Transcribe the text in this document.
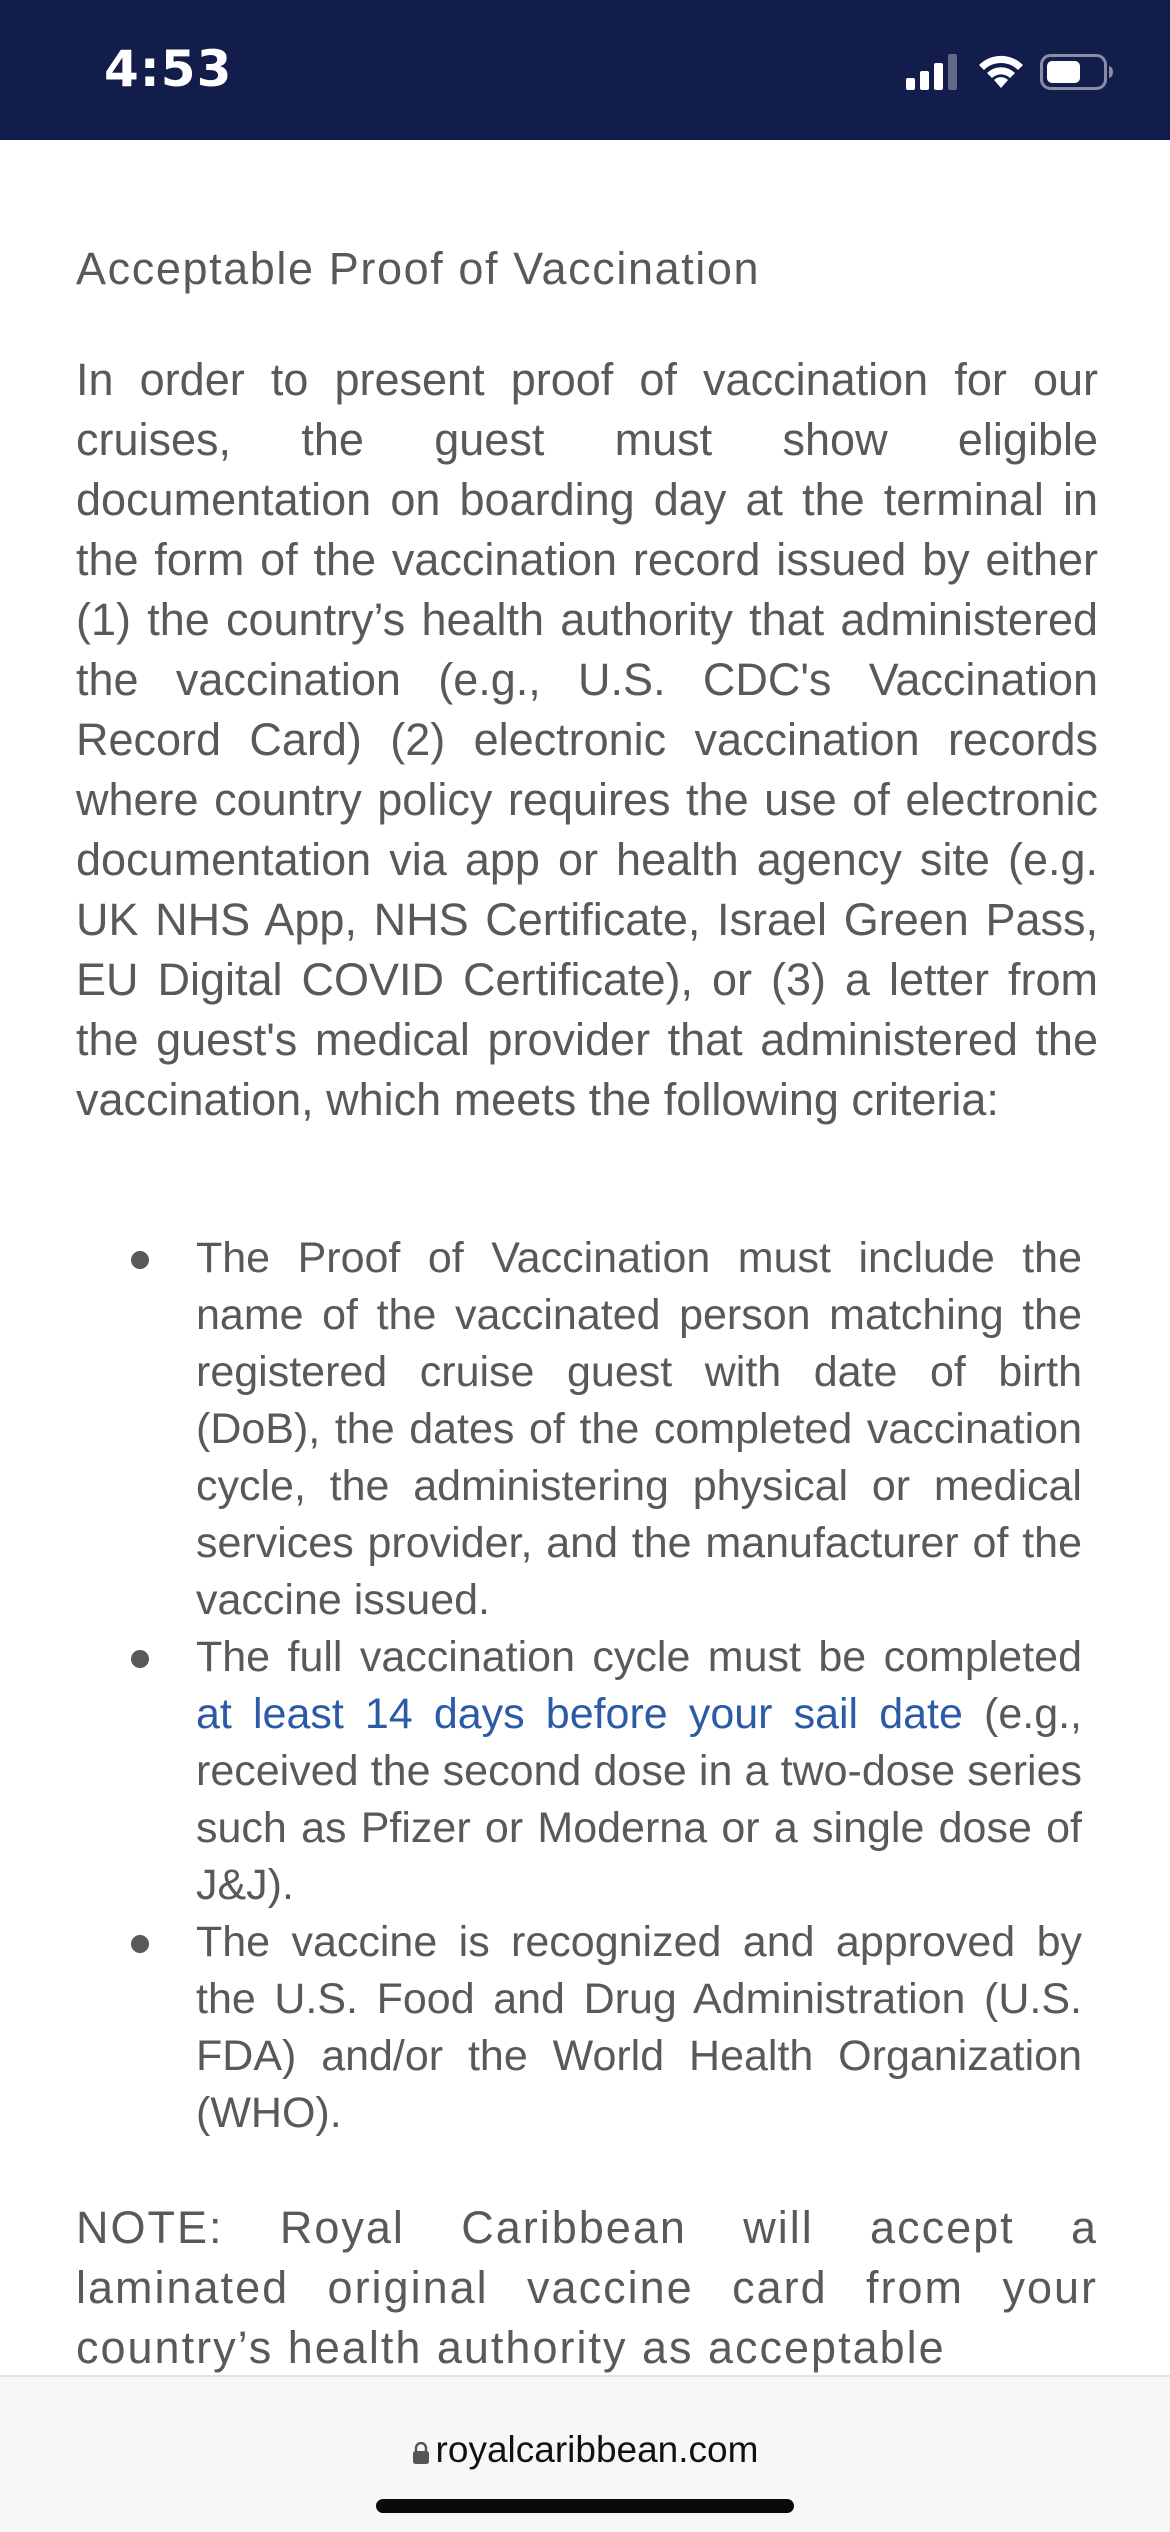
4:53
Acceptable Proof of Vaccination

In order to present proof of vaccination for our cruises, the guest must show eligible documentation on boarding day at the terminal in the form of the vaccination record issued by either (1) the country’s health authority that administered the vaccination (e.g., U.S. CDC's Vaccination Record Card) (2) electronic vaccination records where country policy requires the use of electronic documentation via app or health agency site (e.g. UK NHS App, NHS Certificate, Israel Green Pass, EU Digital COVID Certificate), or (3) a letter from the guest's medical provider that administered the vaccination, which meets the following criteria:

The Proof of Vaccination must include the name of the vaccinated person matching the registered cruise guest with date of birth (DoB), the dates of the completed vaccination cycle, the administering physical or medical services provider, and the manufacturer of the vaccine issued.
The full vaccination cycle must be completed at least 14 days before your sail date (e.g., received the second dose in a two-dose series such as Pfizer or Moderna or a single dose of J&J).
The vaccine is recognized and approved by the U.S. Food and Drug Administration (U.S. FDA) and/or the World Health Organization (WHO).

NOTE: Royal Caribbean will accept a laminated original vaccine card from your country’s health authority as acceptable

royalcaribbean.com
